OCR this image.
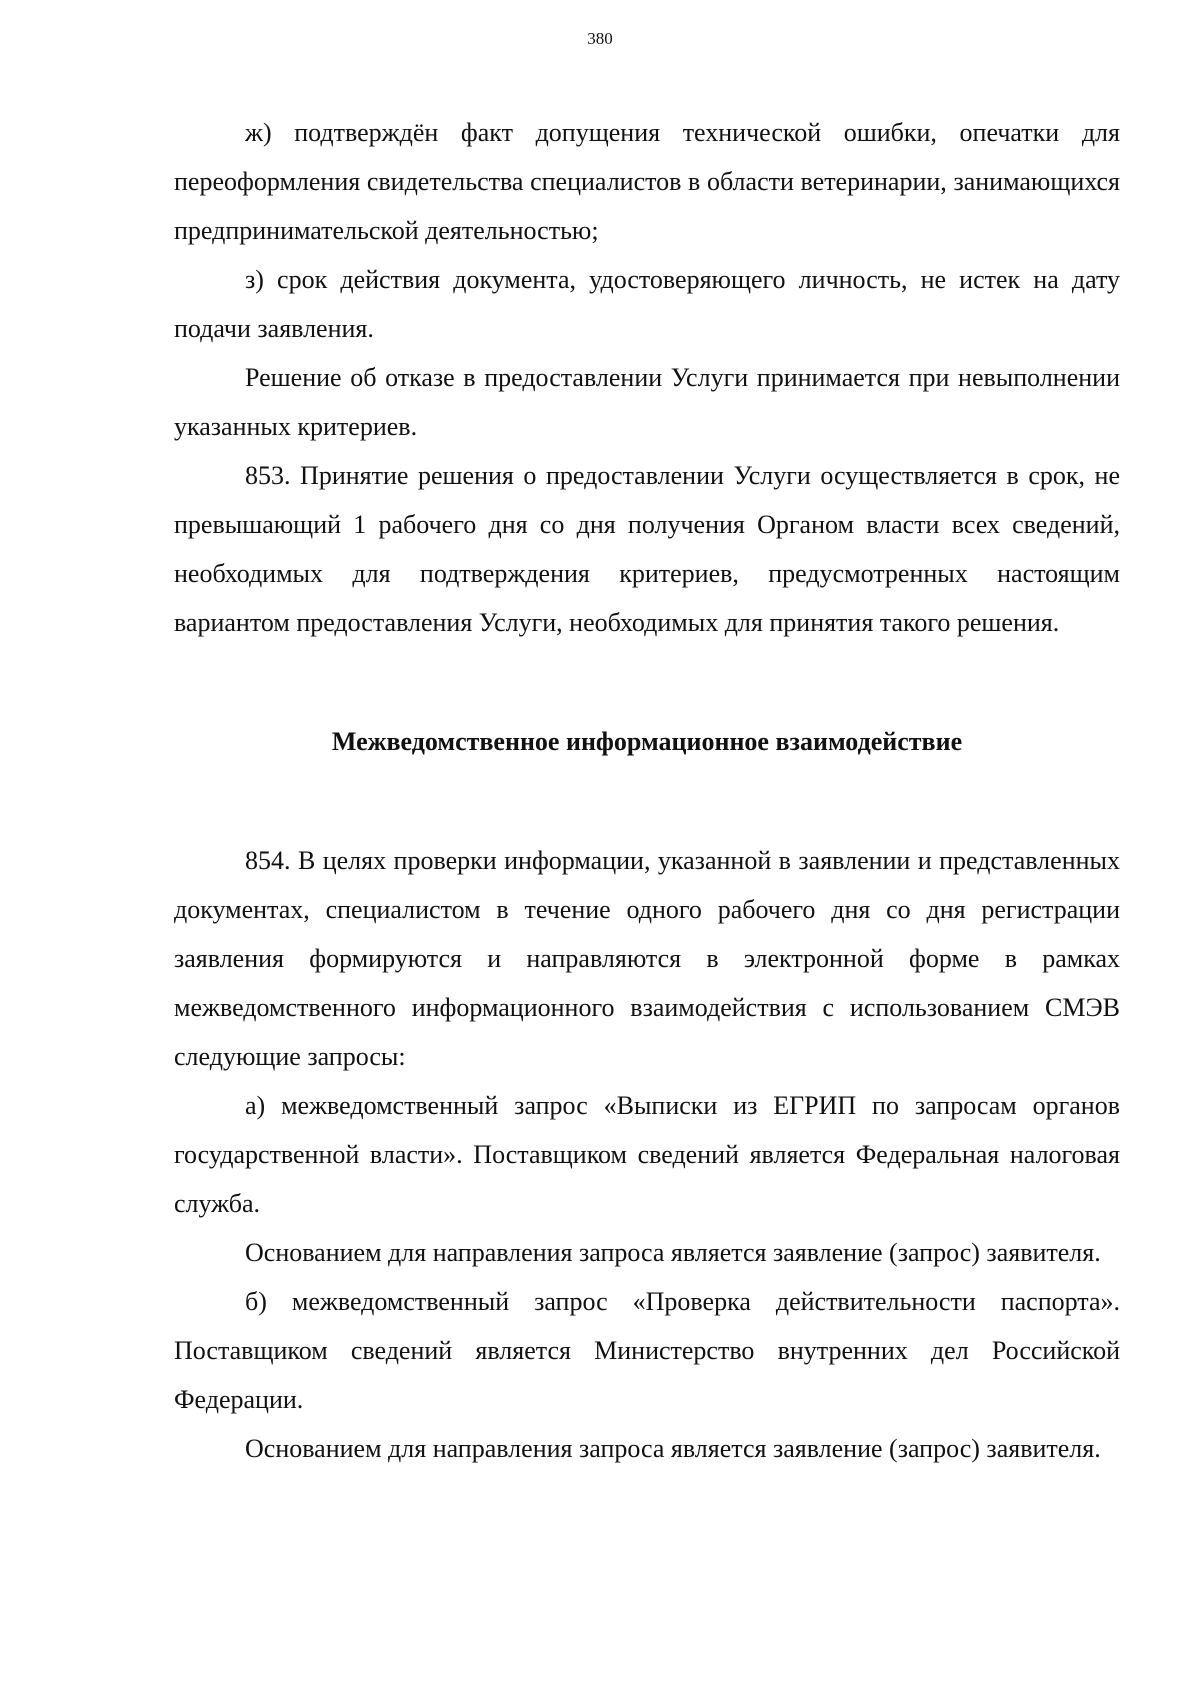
380

ж) подтверждён факт допущения технической ошибки, опечатки для переоформления свидетельства специалистов в области ветеринарии, занимающихся предпринимательской деятельностью;

з) срок действия документа, удостоверяющего личность, не истек на дату подачи заявления.

Решение об отказе в предоставлении Услуги принимается при невыполнении указанных критериев.

853. Принятие решения о предоставлении Услуги осуществляется в срок, не превышающий 1 рабочего дня со дня получения Органом власти всех сведений, необходимых для подтверждения критериев, предусмотренных настоящим вариантом предоставления Услуги, необходимых для принятия такого решения.

Межведомственное информационное взаимодействие

854. В целях проверки информации, указанной в заявлении и представленных документах, специалистом в течение одного рабочего дня со дня регистрации заявления формируются и направляются в электронной форме в рамках межведомственного информационного взаимодействия с использованием СМЭВ следующие запросы:

а) межведомственный запрос «Выписки из ЕГРИП по запросам органов государственной власти». Поставщиком сведений является Федеральная налоговая служба.

Основанием для направления запроса является заявление (запрос) заявителя.

б) межведомственный запрос «Проверка действительности паспорта». Поставщиком сведений является Министерство внутренних дел Российской Федерации.

Основанием для направления запроса является заявление (запрос) заявителя.
